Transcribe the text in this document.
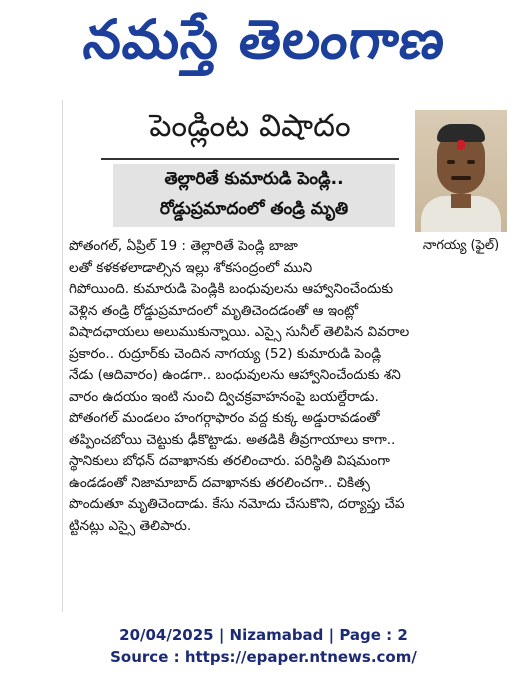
నమస్తే తెలంగాణ
పెండ్లింట విషాదం
తెల్లారితే కుమారుడి పెండ్లి..
రోడ్డుప్రమాదంలో తండ్రి మృతి
నాగయ్య (ఫైల్)
పోతంగల్, ఏప్రిల్ 19 : తెల్లారితే పెండ్లి బాజా
లతో కళకళలాడాల్సిన ఇల్లు శోకసంద్రంలో ముని
గిపోయింది. కుమారుడి పెండ్లికి బంధువులను ఆహ్వానించేందుకు
వెళ్లిన తండ్రి రోడ్డుప్రమాదంలో మృతిచెందడంతో ఆ ఇంట్లో
విషాదఛాయలు అలుముకున్నాయి. ఎస్సై సునీల్ తెలిపిన వివరాల
ప్రకారం.. రుద్రూర్‌కు చెందిన నాగయ్య (52) కుమారుడి పెండ్లి
నేడు (ఆదివారం) ఉండగా.. బంధువులను ఆహ్వానించేందుకు శని
వారం ఉదయం ఇంటి నుంచి ద్విచక్రవాహనంపై బయల్దేరాడు.
పోతంగల్ మండలం హంగర్గాఫారం వద్ద కుక్క అడ్డురావడంతో
తప్పించబోయి చెట్టుకు ఢీకొట్టాడు. అతడికి తీవ్రగాయాలు కాగా..
స్థానికులు బోధన్ దవాఖానకు తరలించారు. పరిస్థితి విషమంగా
ఉండడంతో నిజామాబాద్ దవాఖానకు తరలించగా.. చికిత్స
పొందుతూ మృతిచెందాడు. కేసు నమోదు చేసుకొని, దర్యాప్తు చేప
ట్టినట్లు ఎస్సై తెలిపారు.
20/04/2025 | Nizamabad | Page : 2
Source : https://epaper.ntnews.com/
